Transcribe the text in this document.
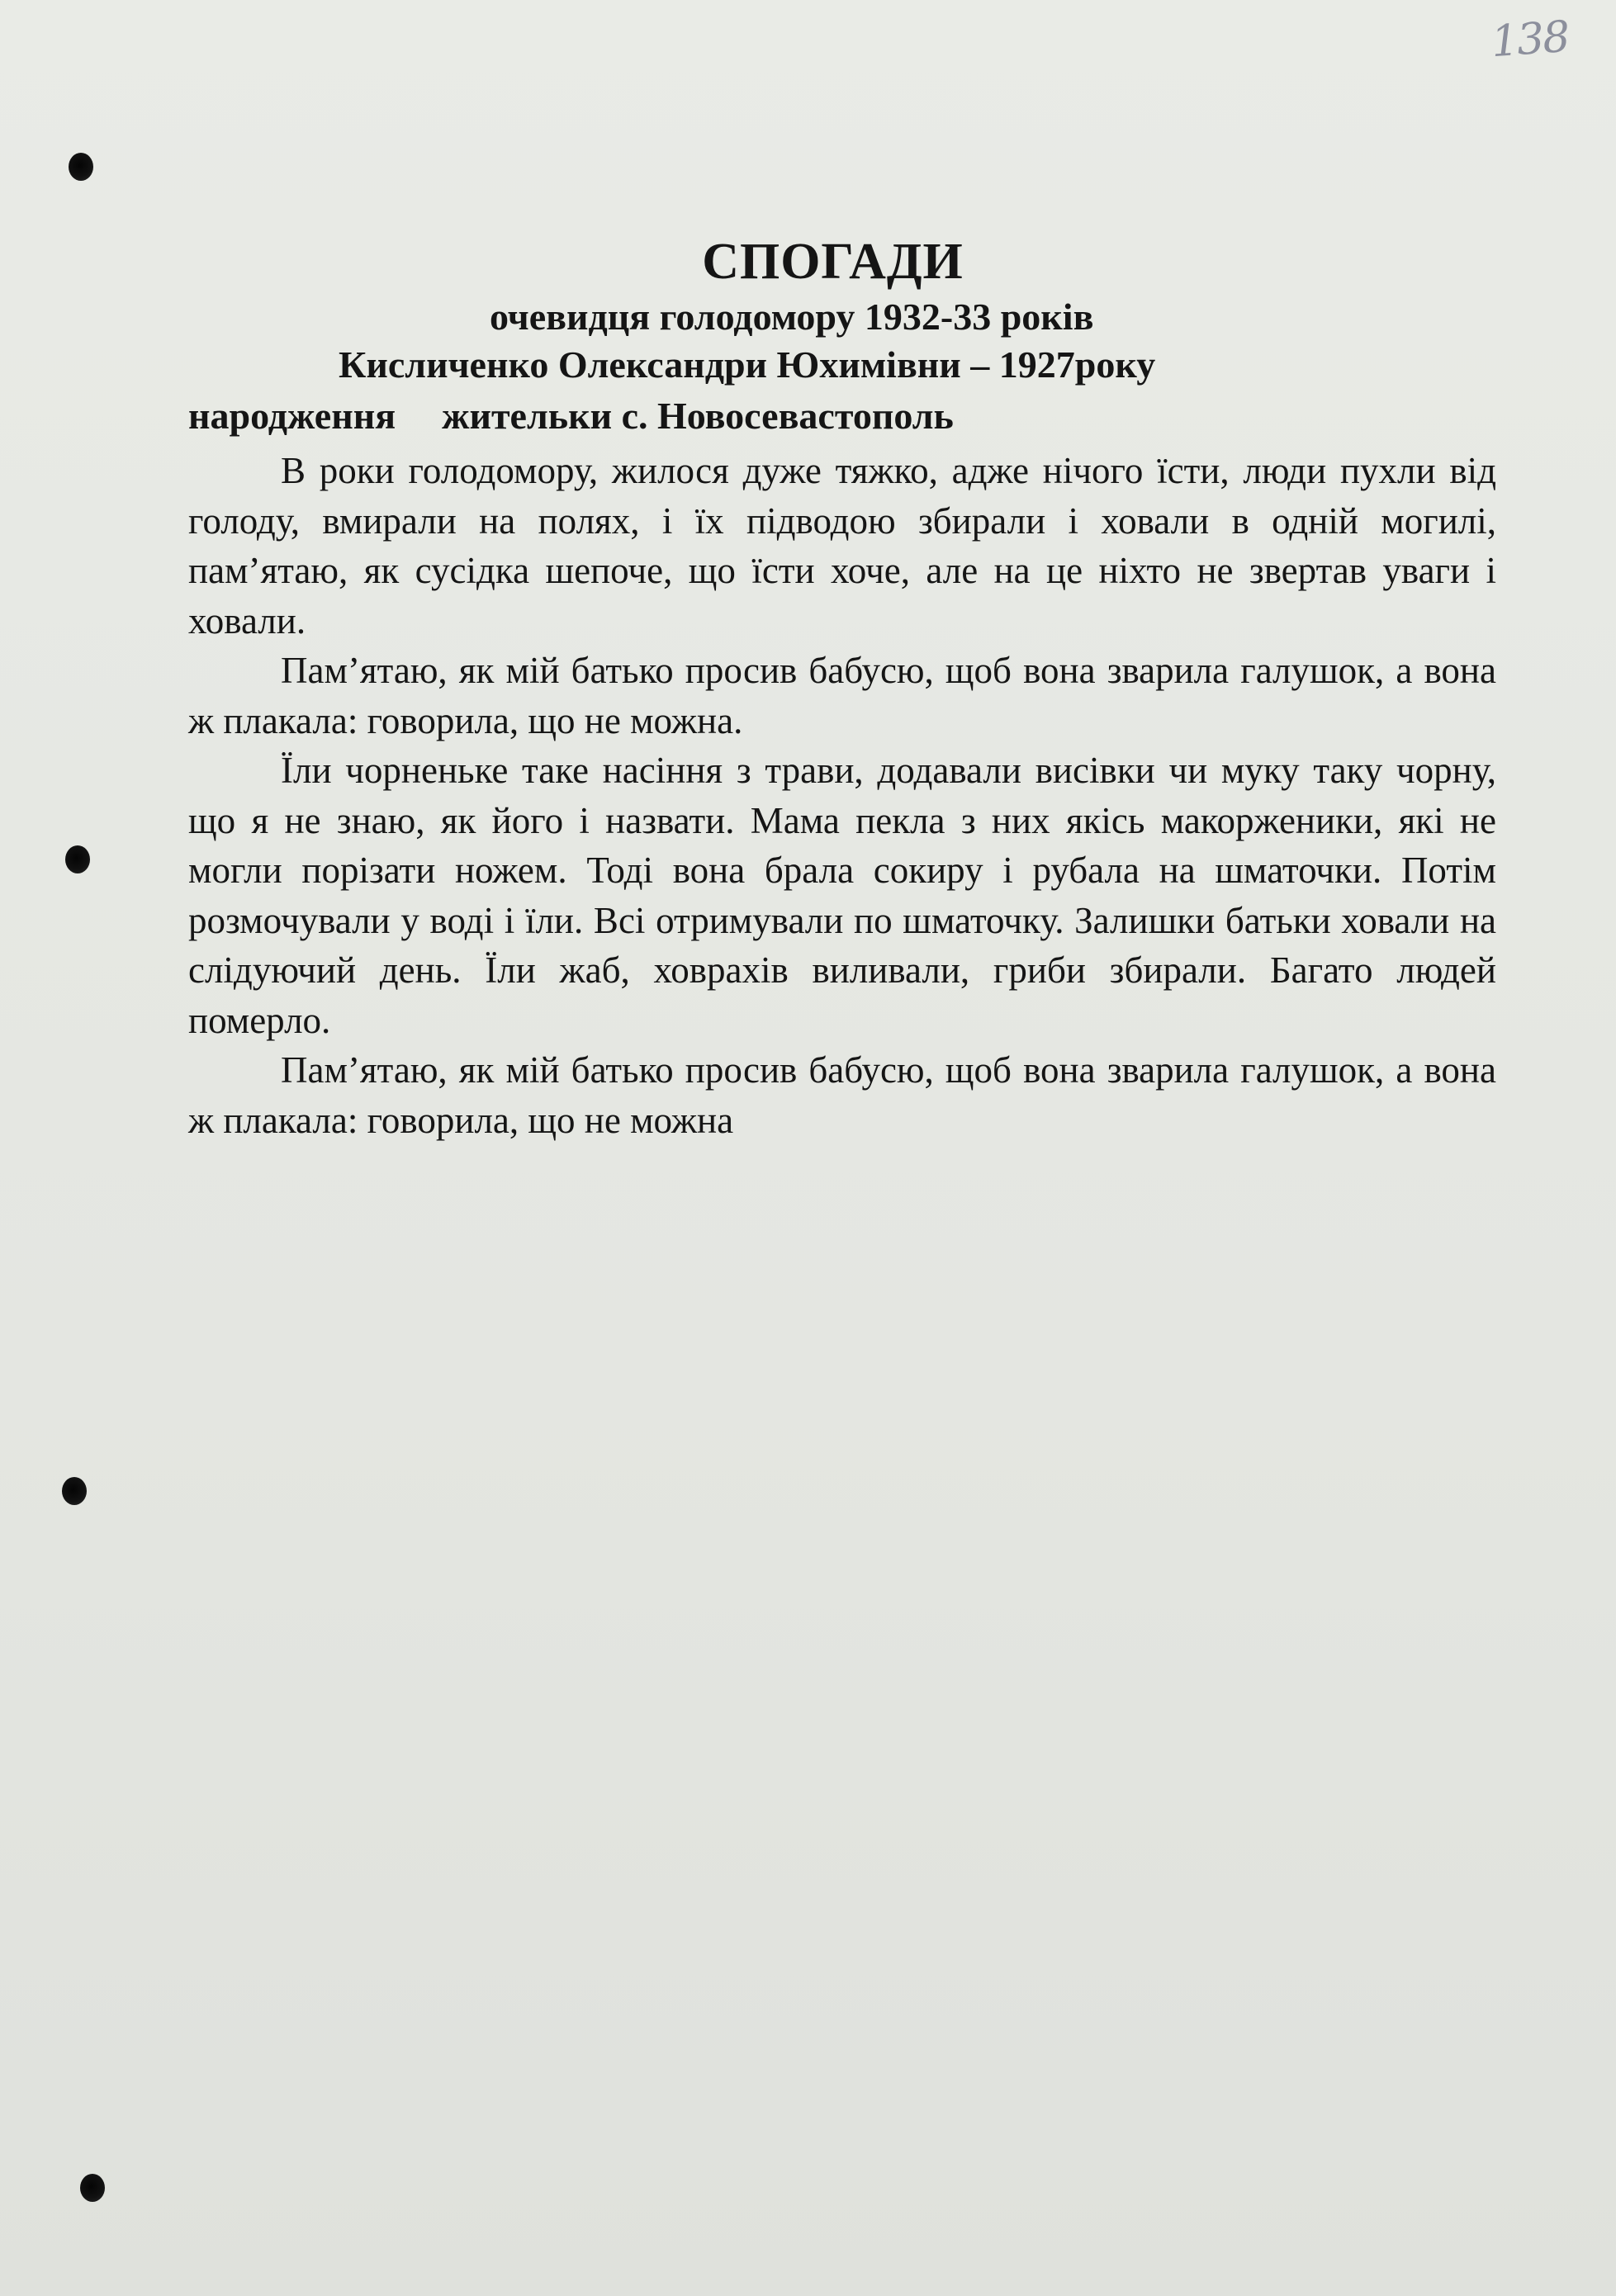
138
СПОГАДИ
очевидця голодомору 1932-33 років
Кисличенко Олександри Юхимівни – 1927року
народження жительки с. Новосевастополь

В роки голодомору, жилося дуже тяжко, адже нічого їсти, люди пухли від голоду, вмирали на полях, і їх підводою збирали і ховали в одній могилі, пам’ятаю, як сусідка шепоче, що їсти хоче, але на це ніхто не звертав уваги і ховали.

Пам’ятаю, як мій батько просив бабусю, щоб вона зварила галушок, а вона ж плакала: говорила, що не можна.

Їли чорненьке таке насіння з трави, додавали висівки чи муку таку чорну, що я не знаю, як його і назвати. Мама пекла з них якісь макорженики, які не могли порізати ножем. Тоді вона брала сокиру і рубала на шматочки. Потім розмочували у воді і їли. Всі отримували по шматочку. Залишки батьки ховали на слідуючий день. Їли жаб, ховрахів виливали, гриби збирали. Багато людей померло.

Пам’ятаю, як мій батько просив бабусю, щоб вона зварила галушок, а вона ж плакала: говорила, що не можна
